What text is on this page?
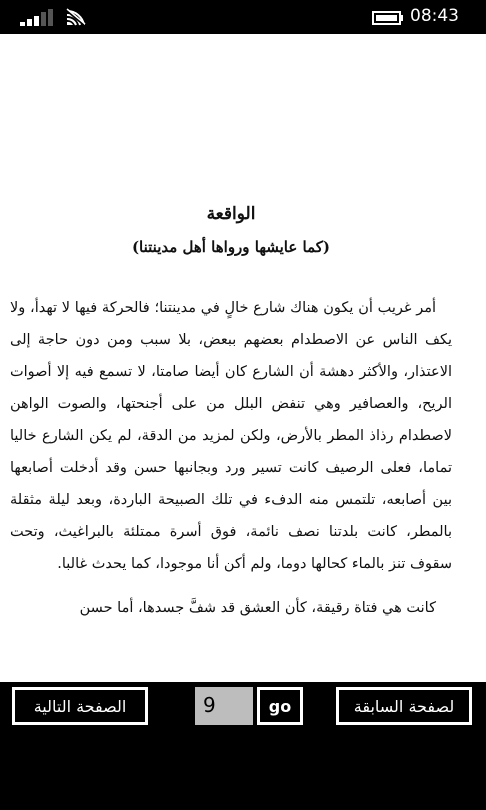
08:43
الواقعة
(كما عايشها ورواها أهل مدينتنا)

أمر غريب أن يكون هناك شارع خالٍ في مدينتنا؛ فالحركة فيها لا تهدأ، ولا يكف الناس عن الاصطدام بعضهم ببعض، بلا سبب ومن دون حاجة إلى الاعتذار، والأكثر دهشة أن الشارع كان أيضا صامتا، لا تسمع فيه إلا أصوات الريح، والعصافير وهي تنفض البلل من على أجنحتها، والصوت الواهن لاصطدام رذاذ المطر بالأرض، ولكن لمزيد من الدقة، لم يكن الشارع خاليا تماما، فعلى الرصيف كانت تسير ورد وبجانبها حسن وقد أدخلت أصابعها بين أصابعه، تلتمس منه الدفء في تلك الصبيحة الباردة، وبعد ليلة مثقلة بالمطر، كانت بلدتنا نصف نائمة، فوق أسرة ممتلئة بالبراغيث، وتحت سقوف تنز بالماء كحالها دوما، ولم أكن أنا موجودا، كما يحدث غالبا.

كانت هي فتاة رقيقة، كأن العشق قد شفَّ جسدها، أما حسن

الصفحة التالية	9	go	لصفحة السابقة
